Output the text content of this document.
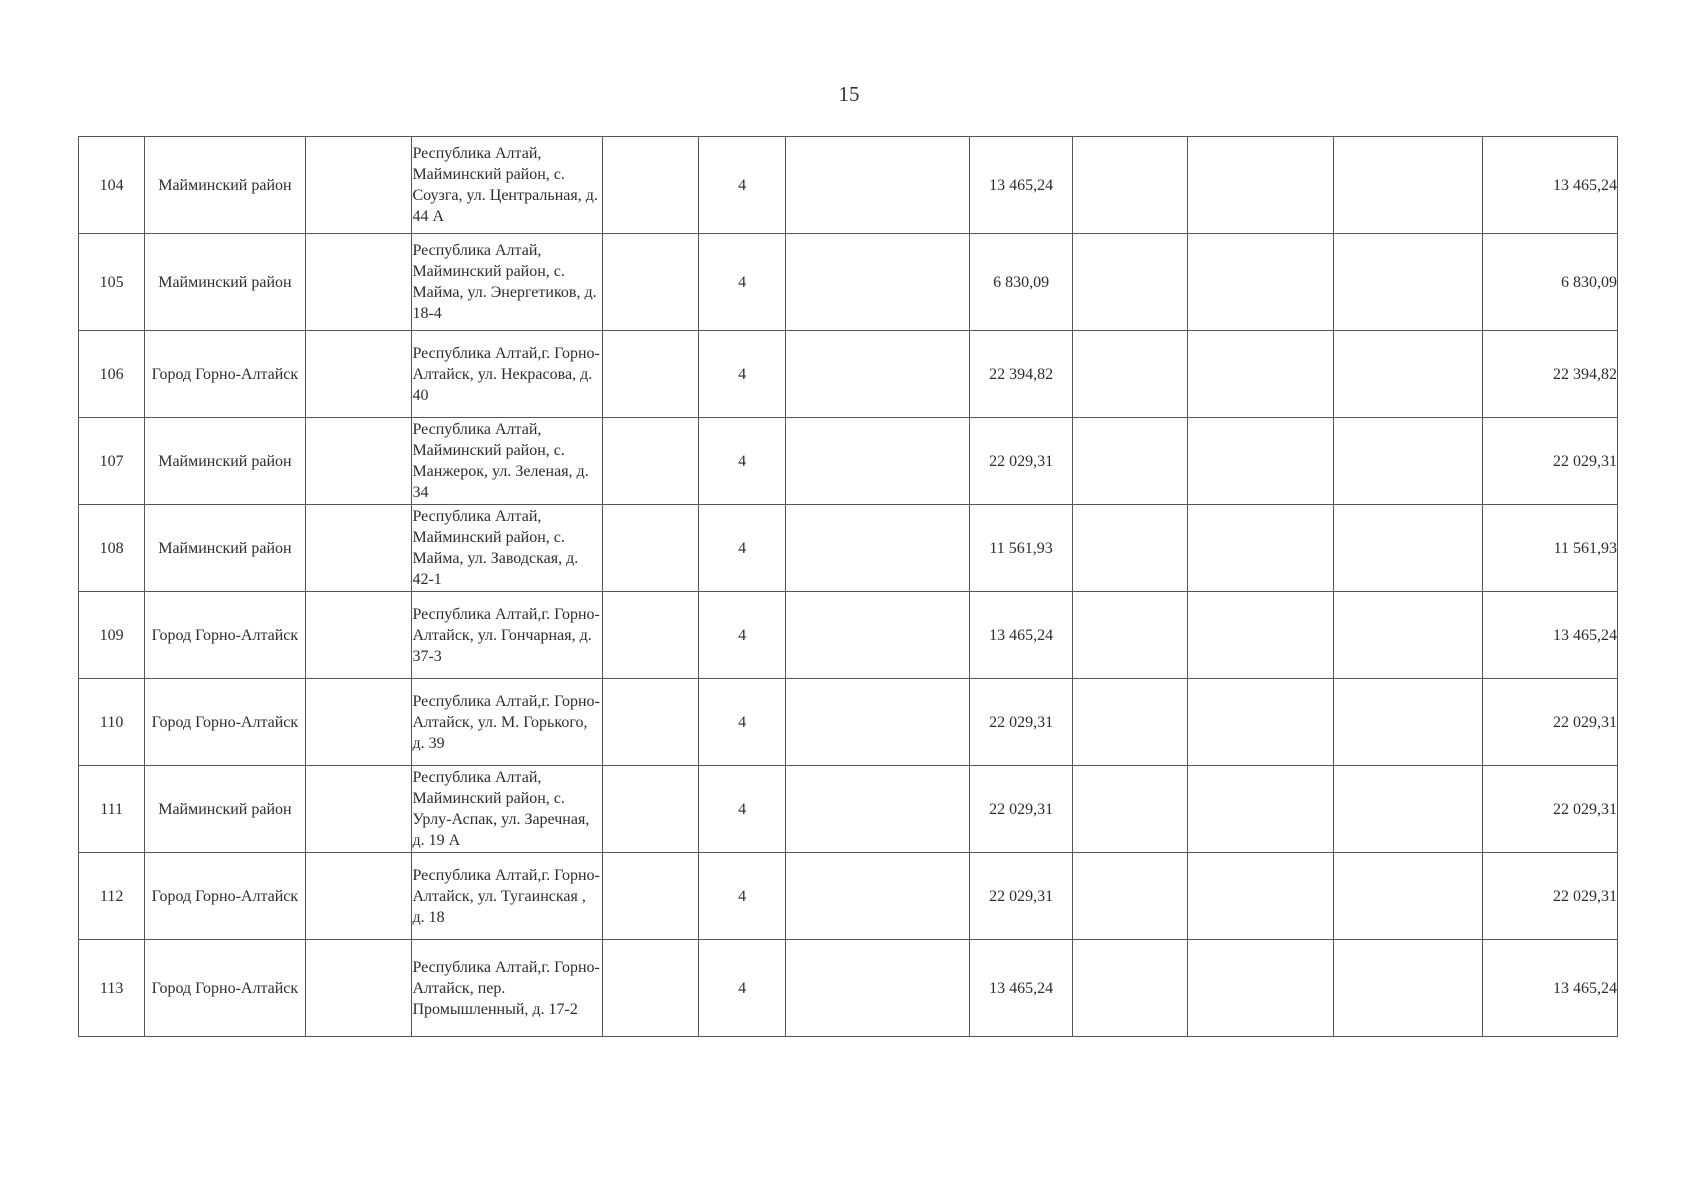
15
104	Майминский район		Республика Алтай, Майминский район, с. Соузга, ул. Центральная, д. 44 А		4		13 465,24				13 465,24
105	Майминский район		Республика Алтай, Майминский район, с. Майма, ул. Энергетиков, д. 18-4		4		6 830,09				6 830,09
106	Город Горно-Алтайск		Республика Алтай,г. Горно-Алтайск, ул. Некрасова, д. 40		4		22 394,82				22 394,82
107	Майминский район		Республика Алтай, Майминский район, с. Манжерок, ул. Зеленая, д. 34		4		22 029,31				22 029,31
108	Майминский район		Республика Алтай, Майминский район, с. Майма, ул. Заводская, д. 42-1		4		11 561,93				11 561,93
109	Город Горно-Алтайск		Республика Алтай,г. Горно-Алтайск, ул. Гончарная, д. 37-3		4		13 465,24				13 465,24
110	Город Горно-Алтайск		Республика Алтай,г. Горно-Алтайск, ул. М. Горького, д. 39		4		22 029,31				22 029,31
111	Майминский район		Республика Алтай, Майминский район, с. Урлу-Аспак, ул. Заречная, д. 19 А		4		22 029,31				22 029,31
112	Город Горно-Алтайск		Республика Алтай,г. Горно-Алтайск, ул. Тугаинская , д. 18		4		22 029,31				22 029,31
113	Город Горно-Алтайск		Республика Алтай,г. Горно-Алтайск, пер. Промышленный, д. 17-2		4		13 465,24				13 465,24
